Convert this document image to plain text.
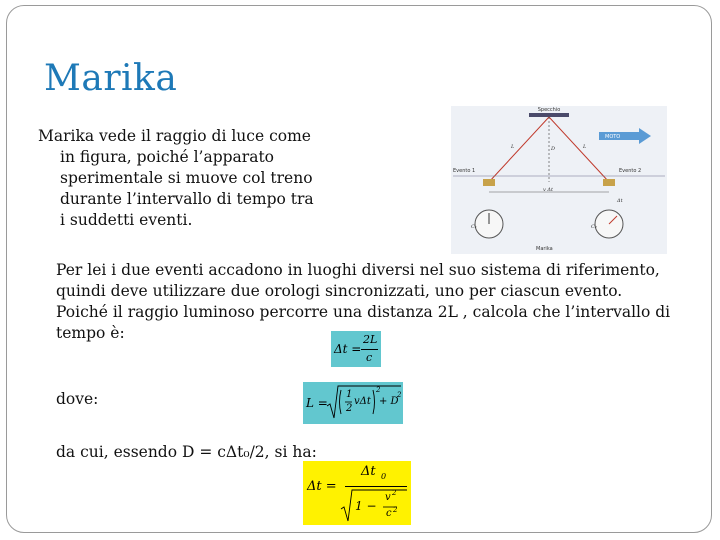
Marika
Marika vede il raggio di luce come
in figura, poiché l’apparato
sperimentale si muove col treno
durante l’intervallo di tempo tra
i suddetti eventi.
Specchio
L	L
D
MOTO
Evento 1	Evento 2
v Δt
C₁	C₂
Δt
Marika
Per lei i due eventi accadono in luoghi diversi nel suo sistema di riferimento,
quindi deve utilizzare due orologi sincronizzati, uno per ciascun evento.
Poiché il raggio luminoso percorre una distanza 2L , calcola che l’intervallo di
tempo è:
Δt =
2L
c
dove:	L =
1
2
vΔt
2
+ D
2
da cui, essendo D = cΔt₀/2, si ha:
Δt =
Δt 0
1 −
v 2
c 2
